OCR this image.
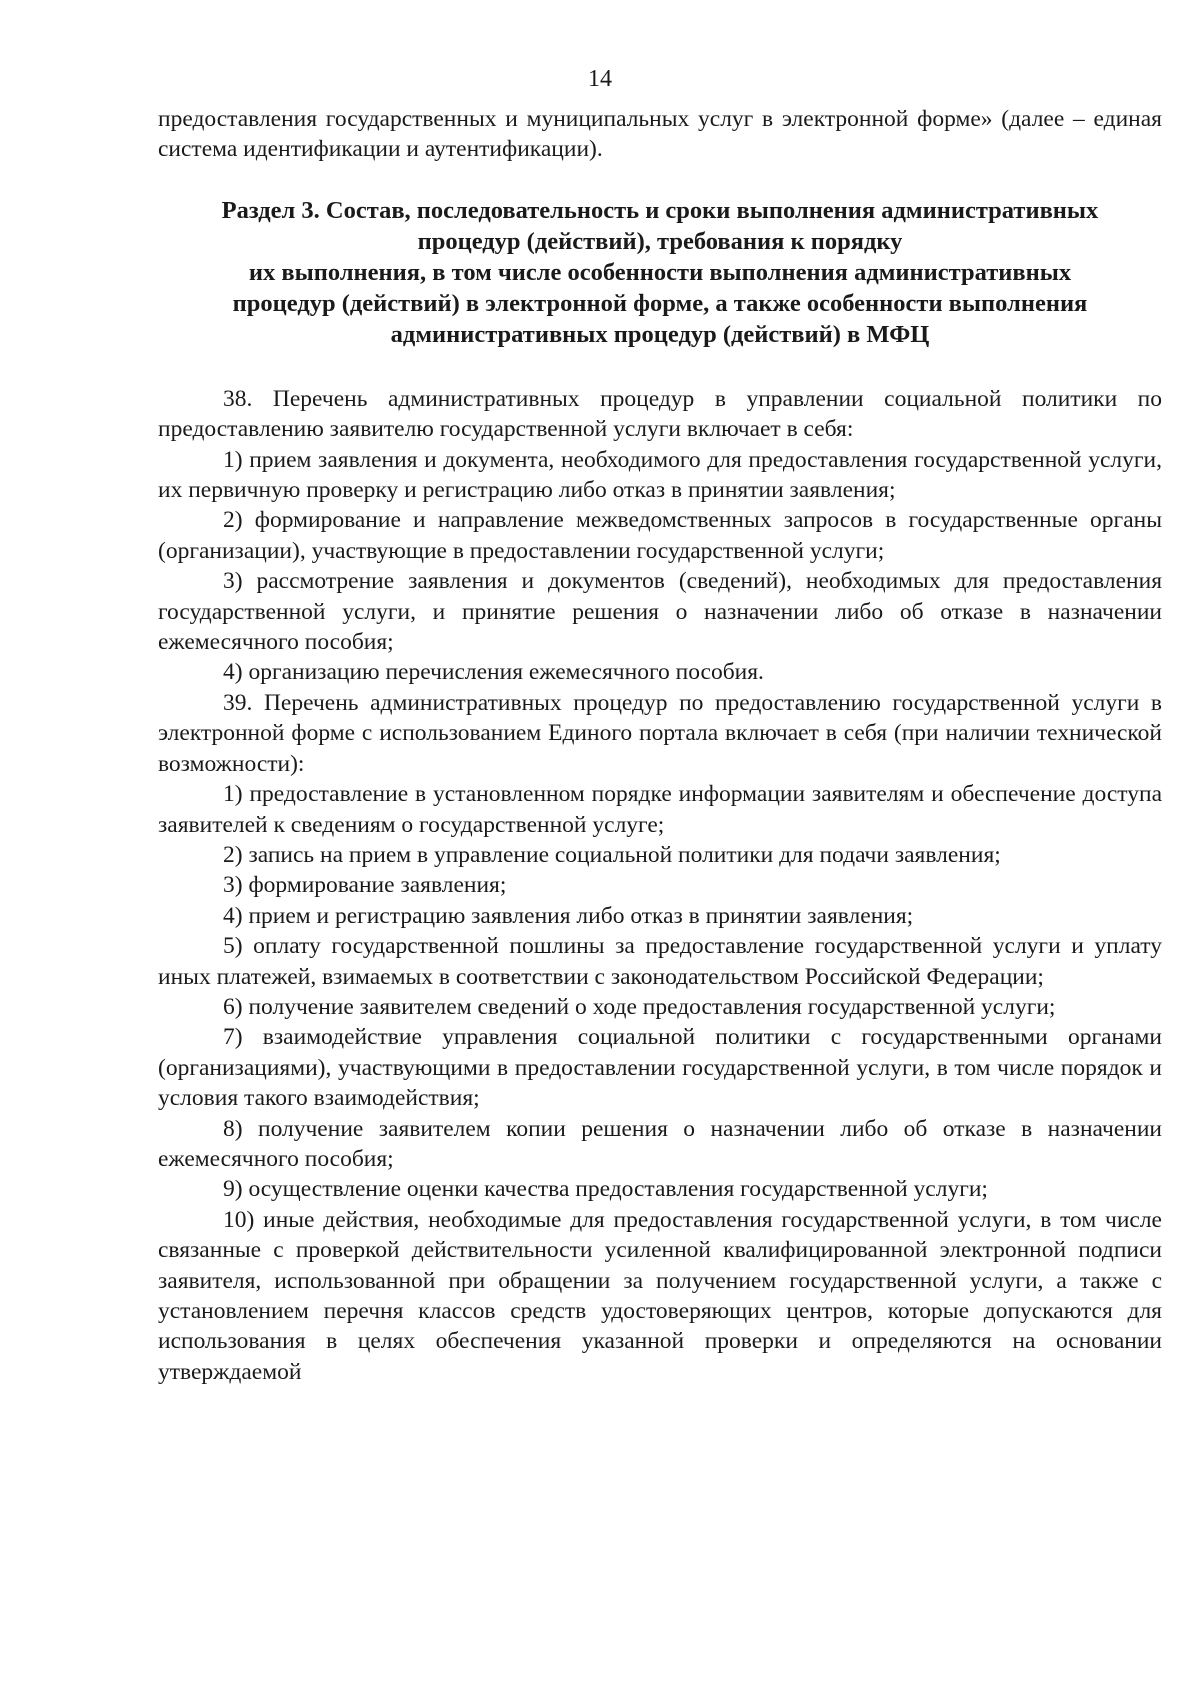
14

предоставления государственных и муниципальных услуг в электронной форме» (далее – единая система идентификации и аутентификации).

Раздел 3. Состав, последовательность и сроки выполнения административных
процедур (действий), требования к порядку
их выполнения, в том числе особенности выполнения административных
процедур (действий) в электронной форме, а также особенности выполнения
административных процедур (действий) в МФЦ

38. Перечень административных процедур в управлении социальной политики по предоставлению заявителю государственной услуги включает в себя:

1) прием заявления и документа, необходимого для предоставления государственной услуги, их первичную проверку и регистрацию либо отказ в принятии заявления;

2) формирование и направление межведомственных запросов в государственные органы (организации), участвующие в предоставлении государственной услуги;

3) рассмотрение заявления и документов (сведений), необходимых для предоставления государственной услуги, и принятие решения о назначении либо об отказе в назначении ежемесячного пособия;

4) организацию перечисления ежемесячного пособия.

39. Перечень административных процедур по предоставлению государственной услуги в электронной форме с использованием Единого портала включает в себя (при наличии технической возможности):

1) предоставление в установленном порядке информации заявителям и обеспечение доступа заявителей к сведениям о государственной услуге;

2) запись на прием в управление социальной политики для подачи заявления;

3) формирование заявления;

4) прием и регистрацию заявления либо отказ в принятии заявления;

5) оплату государственной пошлины за предоставление государственной услуги и уплату иных платежей, взимаемых в соответствии с законодательством Российской Федерации;

6) получение заявителем сведений о ходе предоставления государственной услуги;

7) взаимодействие управления социальной политики с государственными органами (организациями), участвующими в предоставлении государственной услуги, в том числе порядок и условия такого взаимодействия;

8) получение заявителем копии решения о назначении либо об отказе в назначении ежемесячного пособия;

9) осуществление оценки качества предоставления государственной услуги;

10) иные действия, необходимые для предоставления государственной услуги, в том числе связанные с проверкой действительности усиленной квалифицированной электронной подписи заявителя, использованной при обращении за получением государственной услуги, а также с установлением перечня классов средств удостоверяющих центров, которые допускаются для использования в целях обеспечения указанной проверки и определяются на основании утверждаемой
